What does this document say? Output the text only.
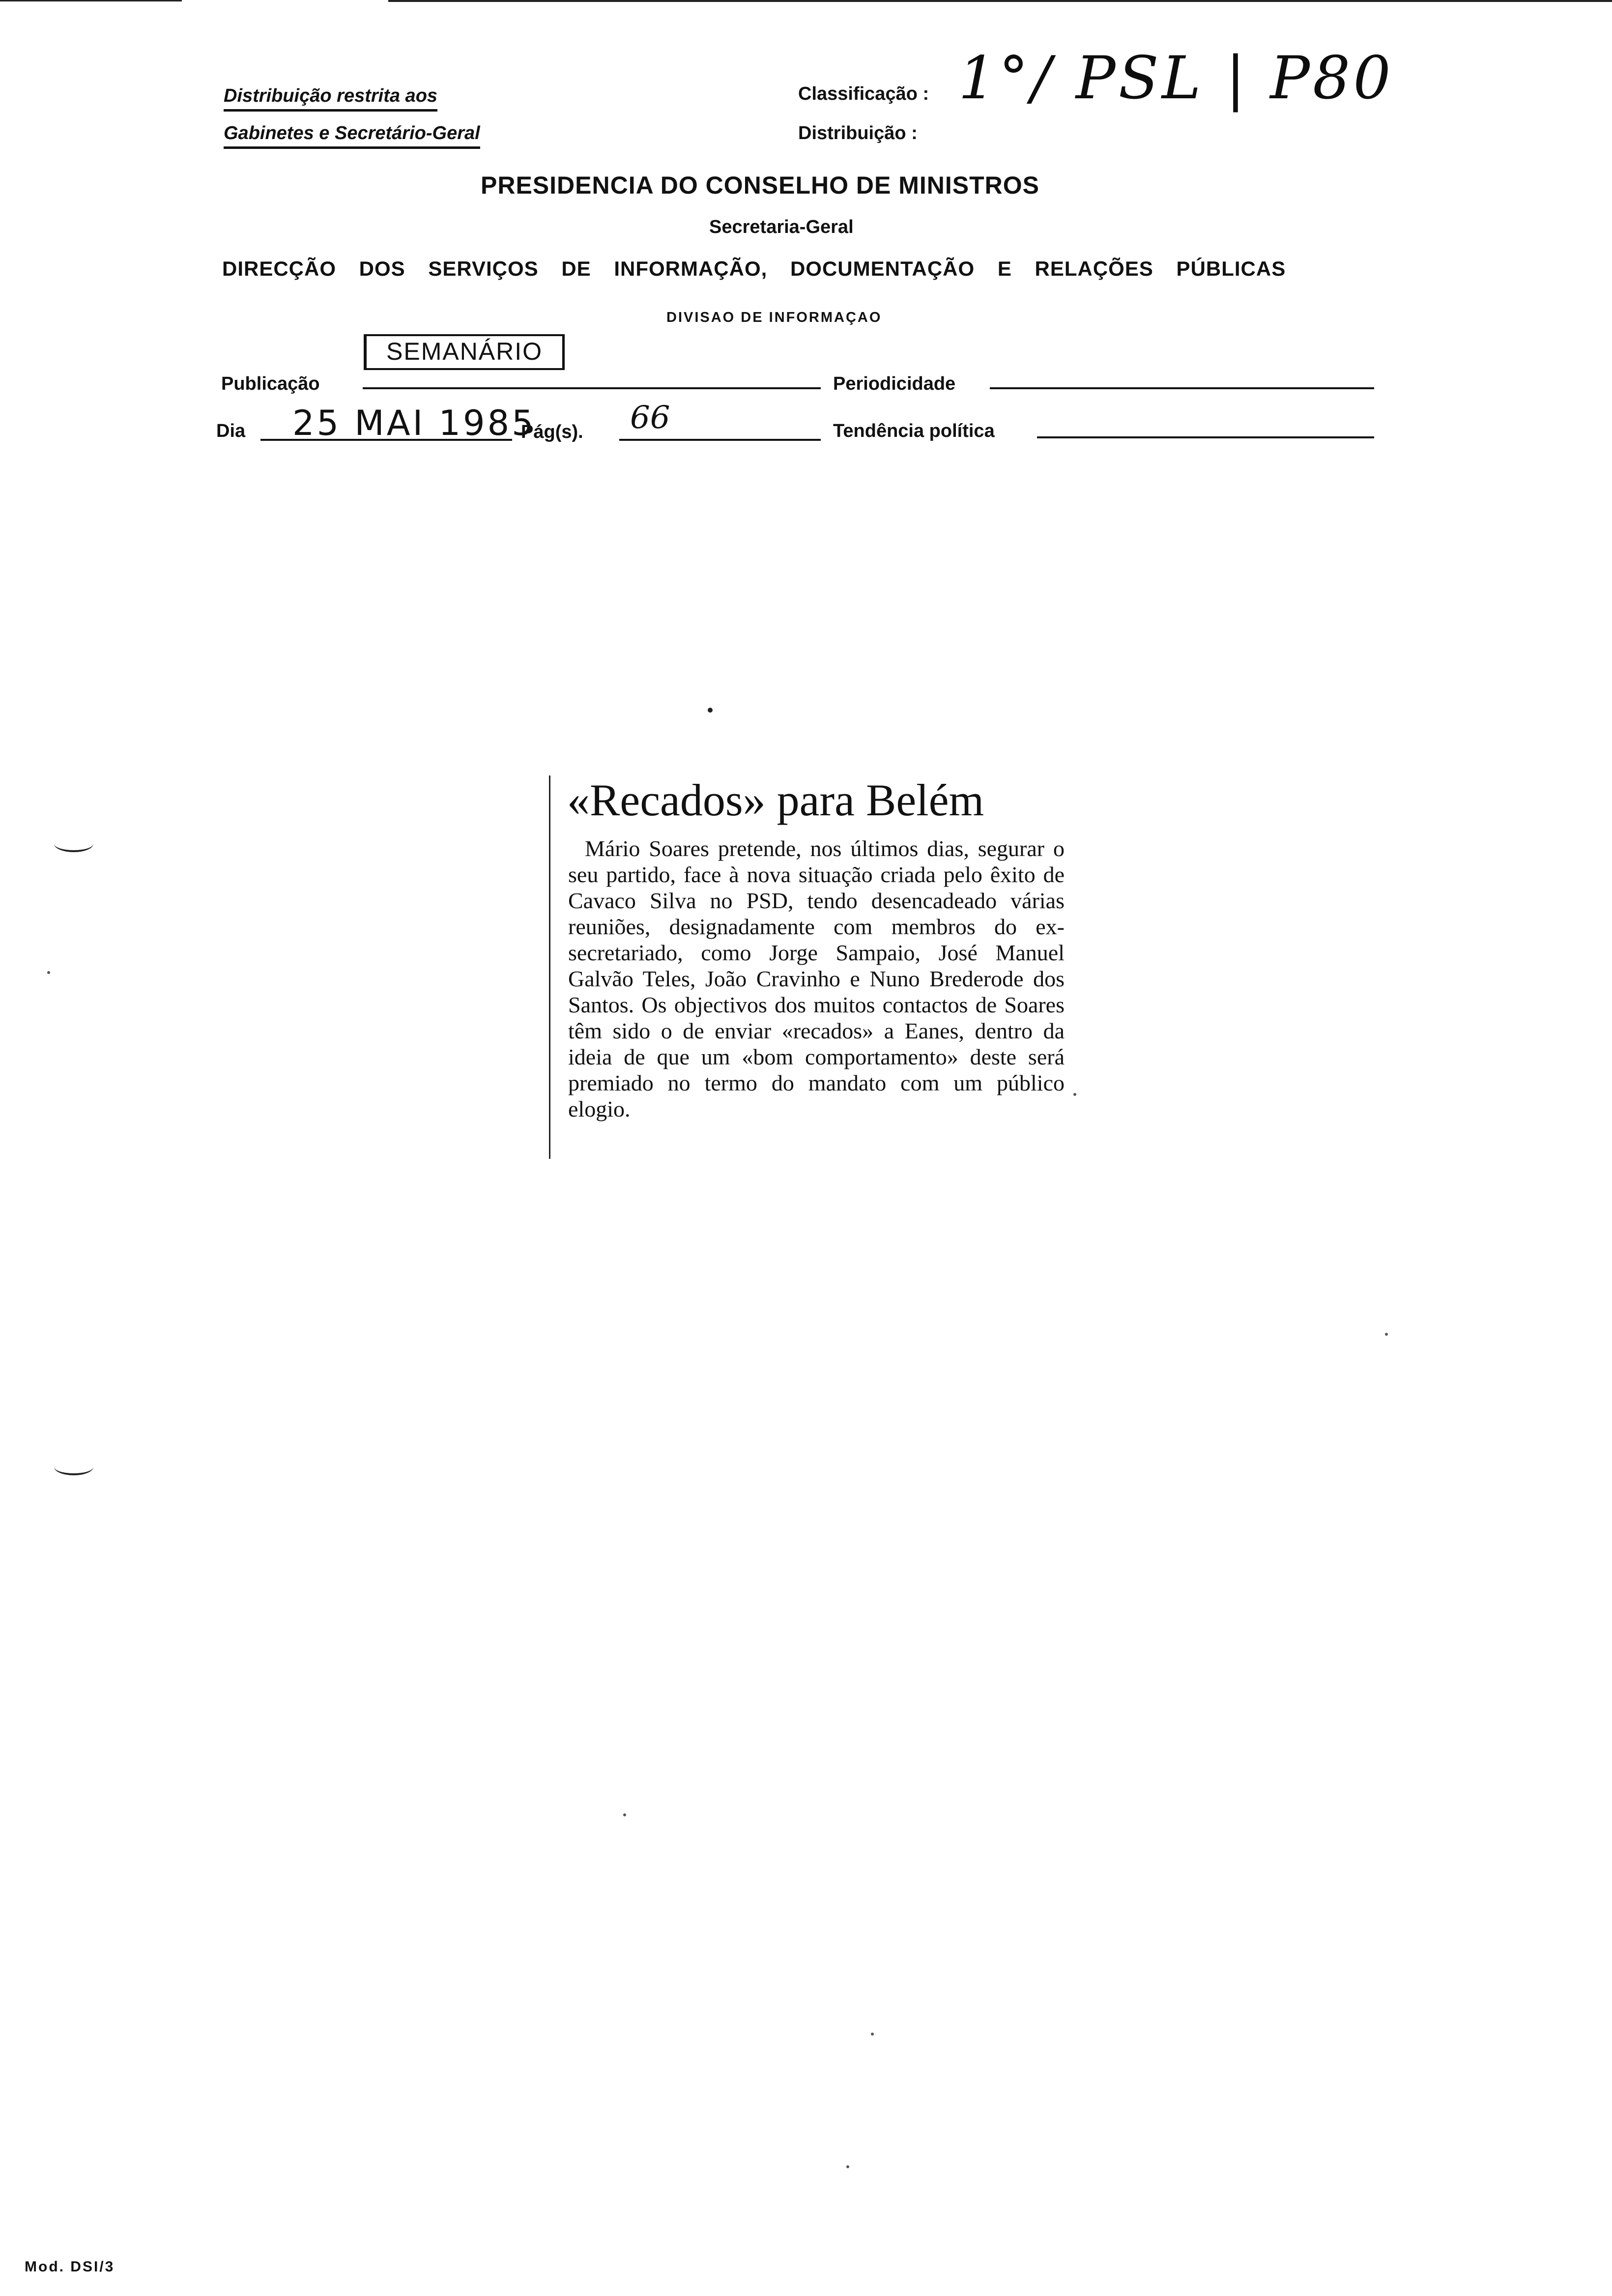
Distribuição restrita aos
Gabinetes e Secretário-Geral
Classificação :
Distribuição :
1°/ PSL | P80
PRESIDENCIA DO CONSELHO DE MINISTROS
Secretaria-Geral
DIRECÇÃO DOS SERVIÇOS DE INFORMAÇÃO, DOCUMENTAÇÃO E RELAÇÕES PÚBLICAS
DIVISAO DE INFORMAÇAO
Publicação
SEMANÁRIO
Periodicidade
Dia 25 MAI 1985
Pág(s). 66	Tendência política
«Recados» para Belém

Mário Soares pretende, nos últimos dias, segurar o seu partido, face à nova situação criada pelo êxito de Cavaco Silva no PSD, tendo desencadeado várias reuniões, designadamente com membros do ex-secretariado, como Jorge Sampaio, José Manuel Galvão Teles, João Cravinho e Nuno Brederode dos Santos. Os objectivos dos muitos contactos de Soares têm sido o de enviar «recados» a Eanes, dentro da ideia de que um «bom comportamento» deste será premiado no termo do mandato com um público elogio.

Mod. DSI/3
